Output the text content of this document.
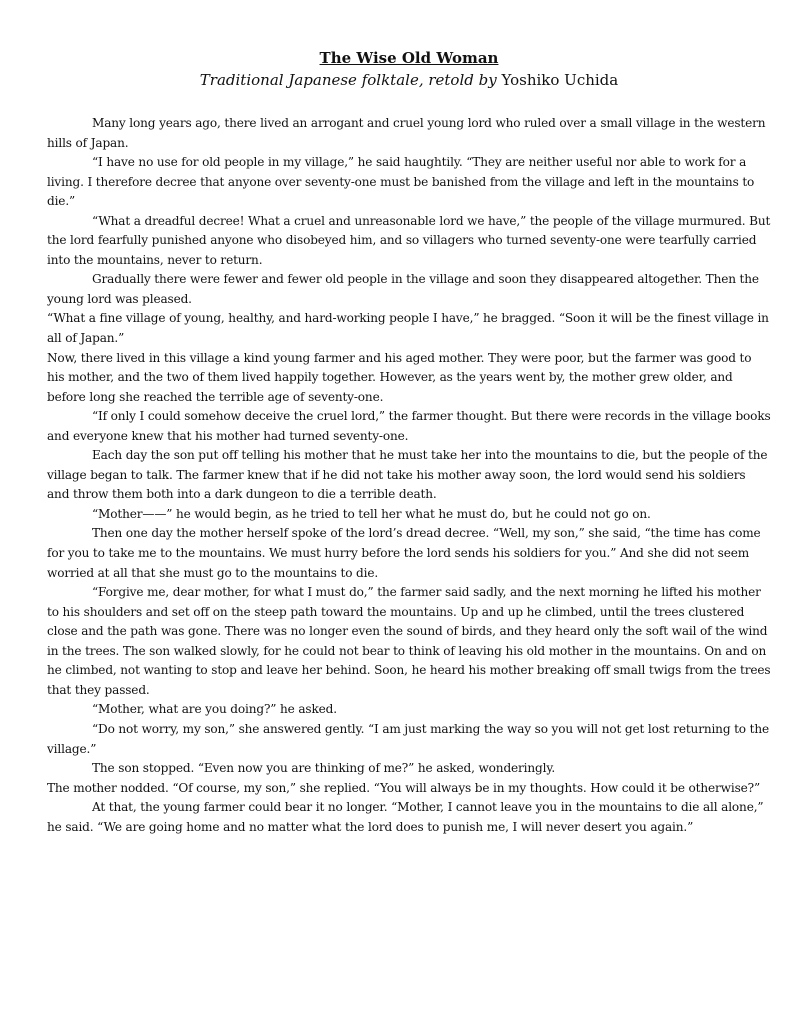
The Wise Old Woman
Traditional Japanese folktale, retold by Yoshiko Uchida

Many long years ago, there lived an arrogant and cruel young lord who ruled over a small village in the western hills of Japan.

“I have no use for old people in my village,” he said haughtily. “They are neither useful nor able to work for a living. I therefore decree that anyone over seventy-one must be banished from the village and left in the mountains to die.”

“What a dreadful decree! What a cruel and unreasonable lord we have,” the people of the village murmured. But the lord fearfully punished anyone who disobeyed him, and so villagers who turned seventy-one were tearfully carried into the mountains, never to return.

Gradually there were fewer and fewer old people in the village and soon they disappeared altogether. Then the young lord was pleased.

“What a fine village of young, healthy, and hard-working people I have,” he bragged. “Soon it will be the finest village in all of Japan.”

Now, there lived in this village a kind young farmer and his aged mother. They were poor, but the farmer was good to his mother, and the two of them lived happily together. However, as the years went by, the mother grew older, and before long she reached the terrible age of seventy-one.

“If only I could somehow deceive the cruel lord,” the farmer thought. But there were records in the village books and everyone knew that his mother had turned seventy-one.

Each day the son put off telling his mother that he must take her into the mountains to die, but the people of the village began to talk. The farmer knew that if he did not take his mother away soon, the lord would send his soldiers and throw them both into a dark dungeon to die a terrible death.

“Mother——” he would begin, as he tried to tell her what he must do, but he could not go on.

Then one day the mother herself spoke of the lord’s dread decree. “Well, my son,” she said, “the time has come for you to take me to the mountains. We must hurry before the lord sends his soldiers for you.” And she did not seem worried at all that she must go to the mountains to die.

“Forgive me, dear mother, for what I must do,” the farmer said sadly, and the next morning he lifted his mother to his shoulders and set off on the steep path toward the mountains. Up and up he climbed, until the trees clustered close and the path was gone. There was no longer even the sound of birds, and they heard only the soft wail of the wind in the trees. The son walked slowly, for he could not bear to think of leaving his old mother in the mountains. On and on he climbed, not wanting to stop and leave her behind. Soon, he heard his mother breaking off small twigs from the trees that they passed.

“Mother, what are you doing?” he asked.

“Do not worry, my son,” she answered gently. “I am just marking the way so you will not get lost returning to the village.”

The son stopped. “Even now you are thinking of me?” he asked, wonderingly.

The mother nodded. “Of course, my son,” she replied. “You will always be in my thoughts. How could it be otherwise?”

At that, the young farmer could bear it no longer. “Mother, I cannot leave you in the mountains to die all alone,” he said. “We are going home and no matter what the lord does to punish me, I will never desert you again.”
